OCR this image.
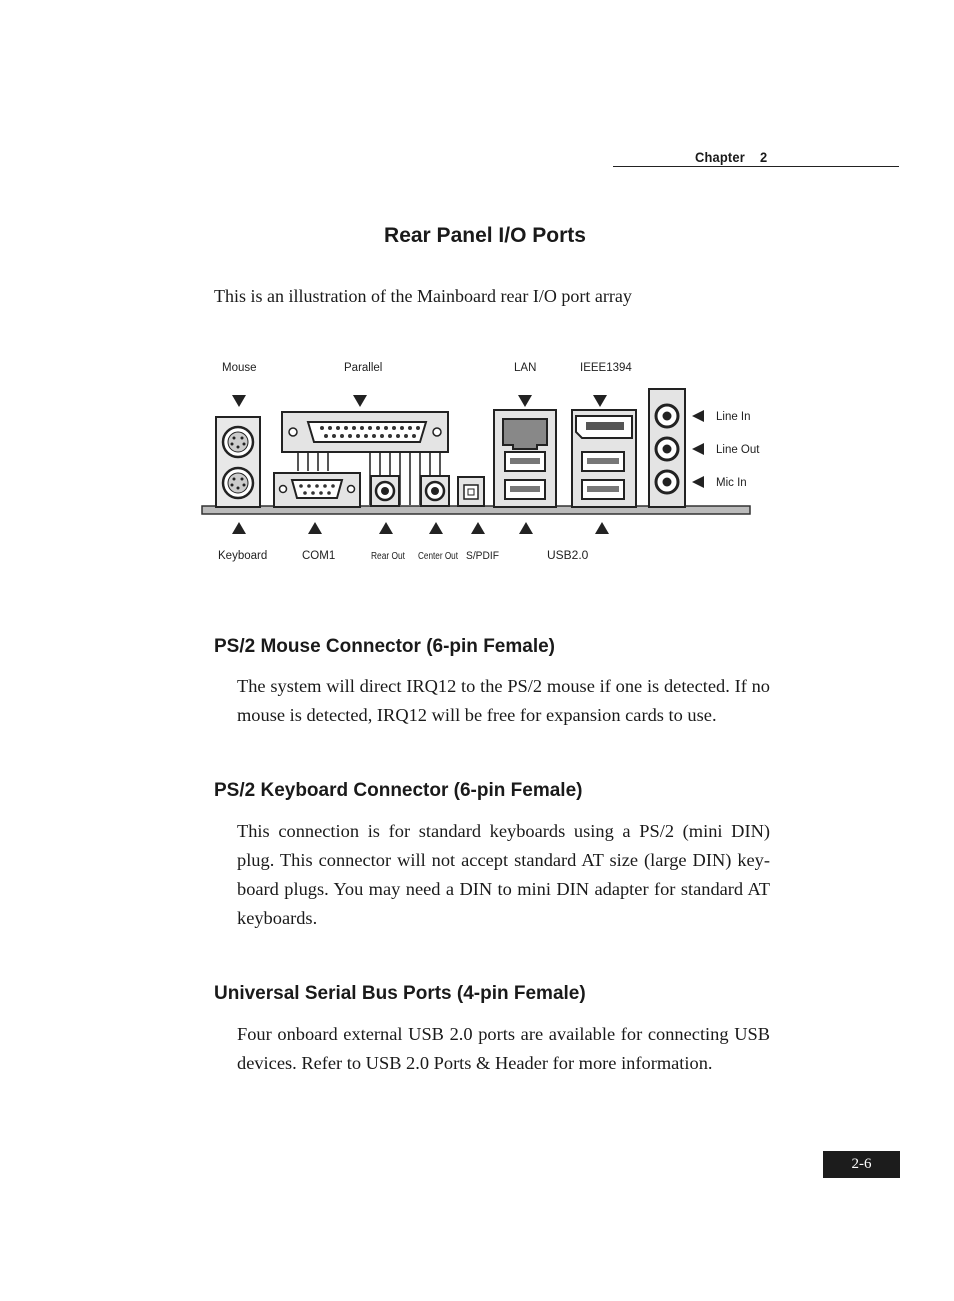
Chapter    2
Rear Panel I/O Ports
This is an illustration of the Mainboard rear I/O port array
Mouse	Parallel	LAN	IEEE1394
Line In
Line Out
Mic In
Keyboard	COM1	Rear Out Center Out S/PDIF	USB2.0
PS/2 Mouse Connector (6-pin Female)

The system will direct IRQ12 to the PS/2 mouse if one is detected. If no mouse is detected, IRQ12 will be free for expansion cards to use.

PS/2 Keyboard Connector (6-pin Female)

This connection is for standard keyboards using a PS/2 (mini DIN) plug. This connector will not accept standard AT size (large DIN) key-board plugs. You may need a DIN to mini DIN adapter for standard AT keyboards.

Universal Serial Bus Ports (4-pin Female)

Four onboard external USB 2.0 ports are available for connecting USB devices. Refer to USB 2.0 Ports & Header for more information.

2-6
